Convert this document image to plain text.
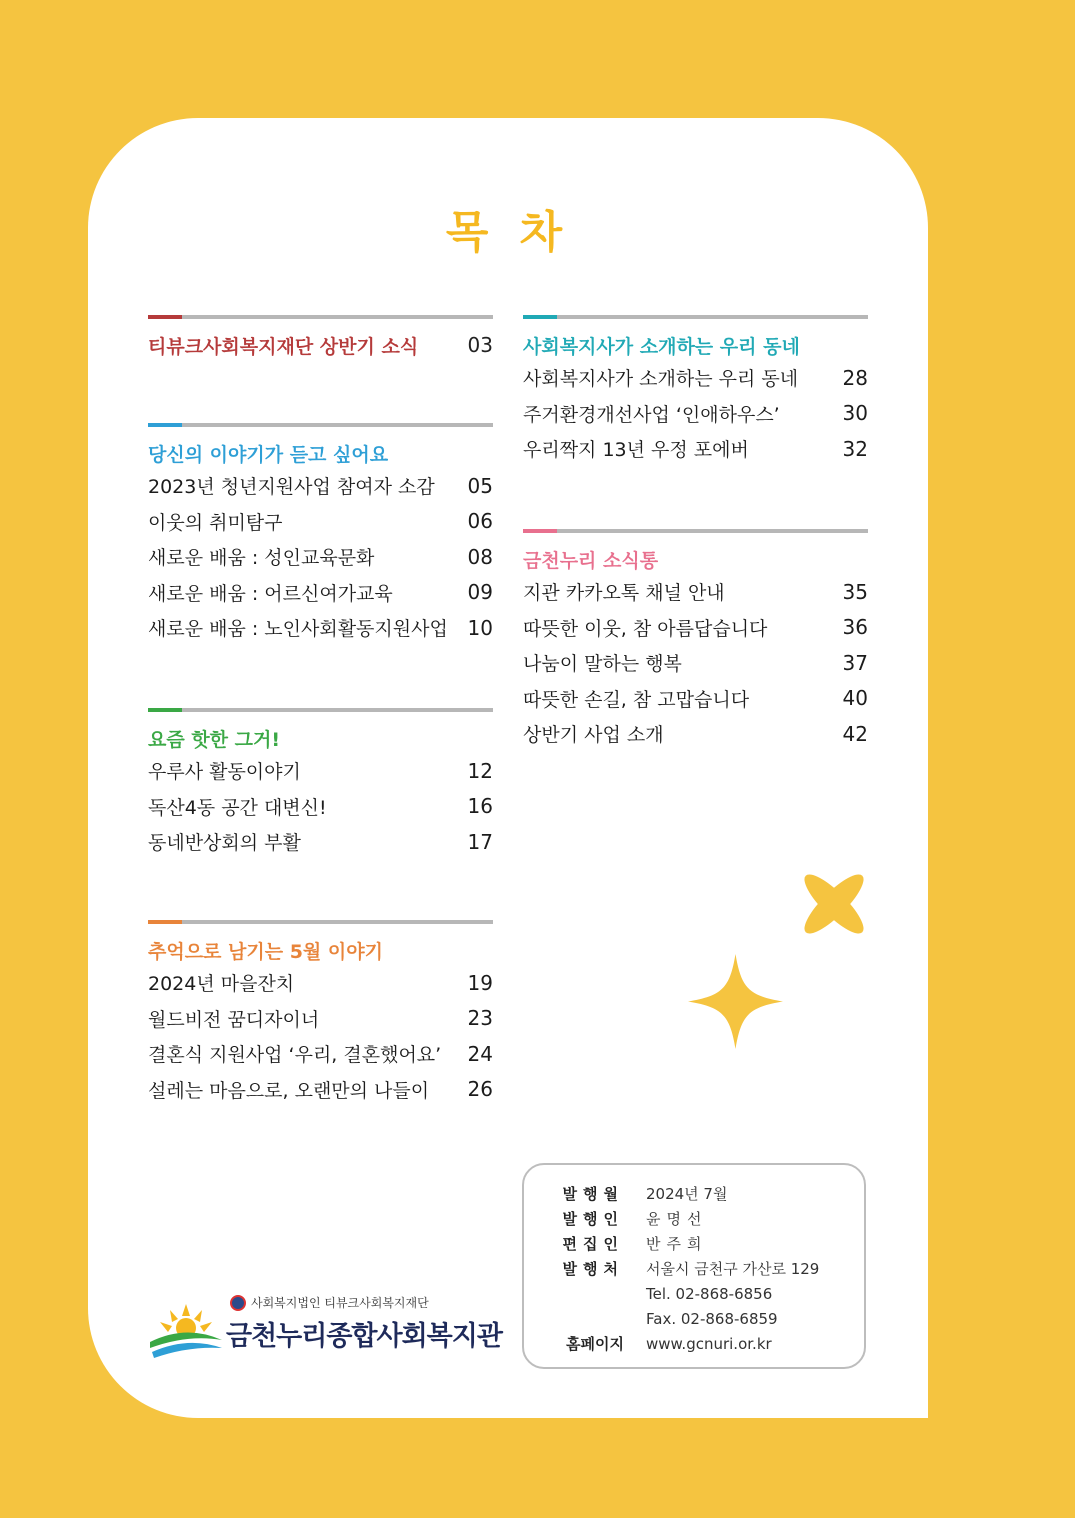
목 차
티뷰크사회복지재단 상반기 소식 03
당신의 이야기가 듣고 싶어요
2023년 청년지원사업 참여자 소감 05
이웃의 취미탐구	06
새로운 배움 : 성인교육문화	08
새로운 배움 : 어르신여가교육	09
새로운 배움 : 노인사회활동지원사업 10
요즘 핫한 그거!
우루사 활동이야기	12
독산4동 공간 대변신!	16
동네반상회의 부활	17
추억으로 남기는 5월 이야기
2024년 마을잔치	19
월드비전 꿈디자이너	23
결혼식 지원사업 ‘우리, 결혼했어요’ 24
설레는 마음으로, 오랜만의 나들이 26
사회복지사가 소개하는 우리 동네
사회복지사가 소개하는 우리 동네 28
주거환경개선사업 ‘인애하우스’	30
우리짝지 13년 우정 포에버	32
금천누리 소식통
지관 카카오톡 채널 안내	35
따뜻한 이웃, 참 아름답습니다	36
나눔이 말하는 행복	37
따뜻한 손길, 참 고맙습니다	40
상반기 사업 소개	42
사회복지법인 티뷰크사회복지재단
금천누리종합사회복지관
발행월	2024년 7월
발행인	윤명선
편집인	반주희
발행처	서울시 금천구 가산로 129
Tel. 02-868-6856
Fax. 02-868-6859
홈페이지	www.gcnuri.or.kr
